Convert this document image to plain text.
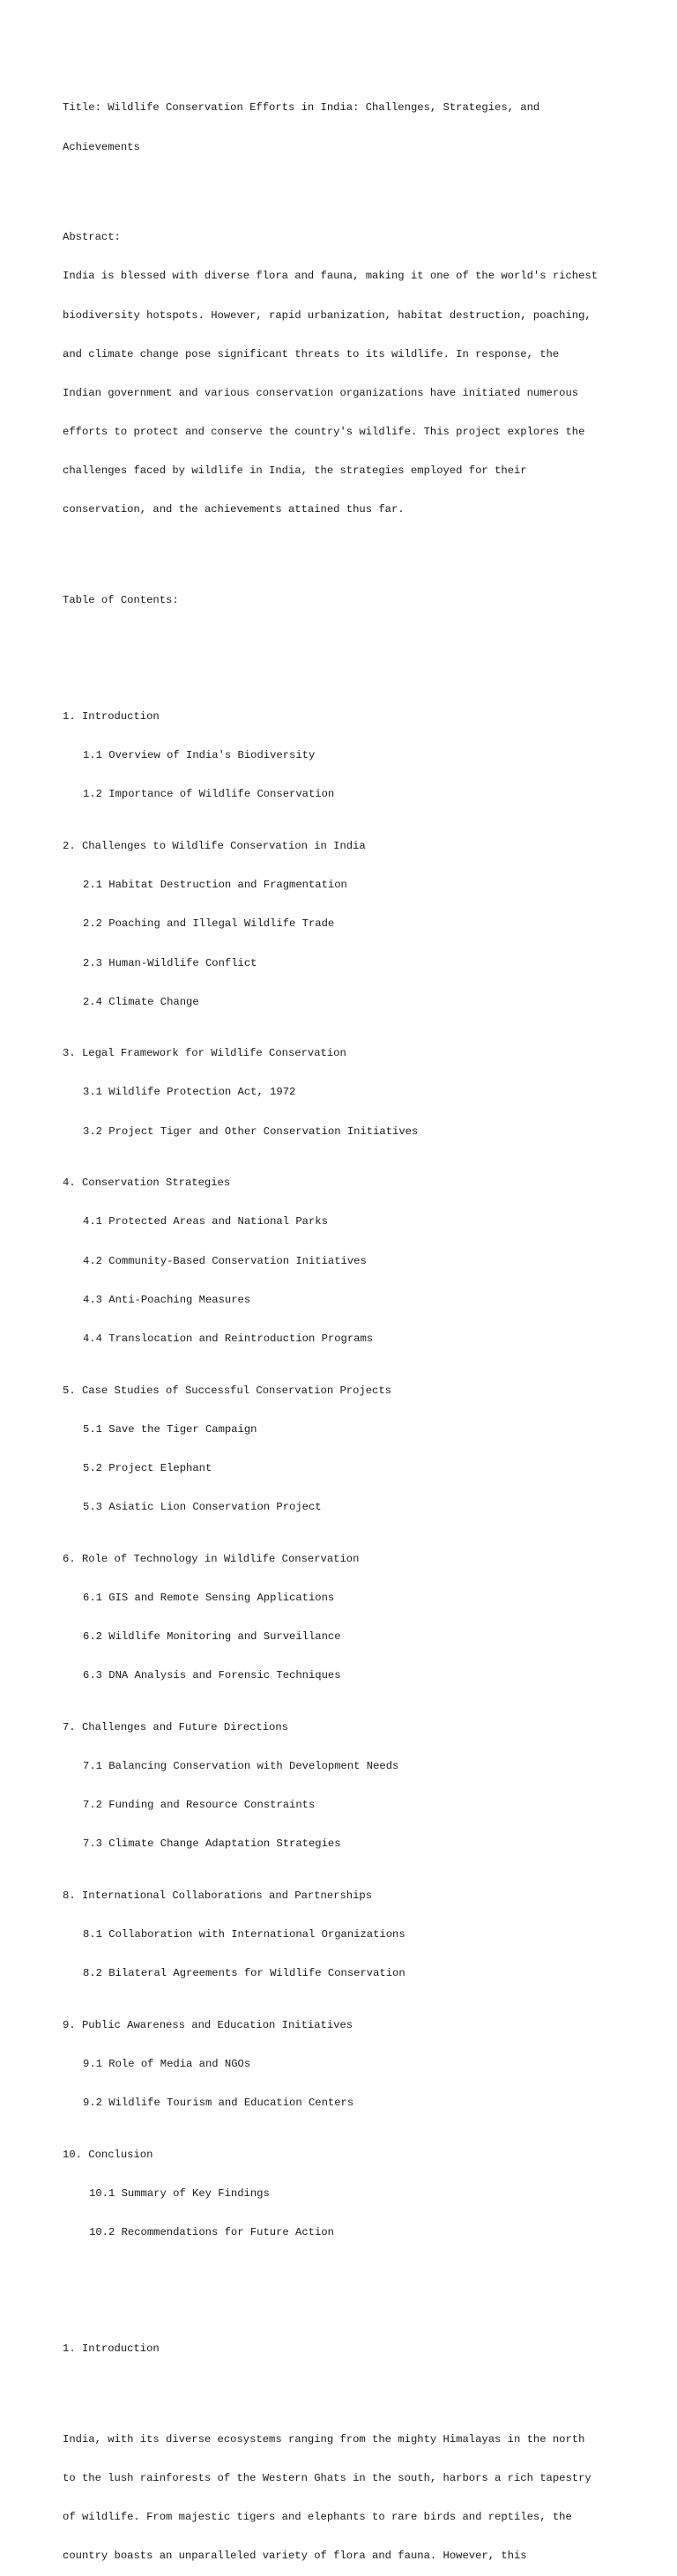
Title: Wildlife Conservation Efforts in India: Challenges, Strategies, and

Achievements

Abstract:

India is blessed with diverse flora and fauna, making it one of the world's richest

biodiversity hotspots. However, rapid urbanization, habitat destruction, poaching,

and climate change pose significant threats to its wildlife. In response, the

Indian government and various conservation organizations have initiated numerous

efforts to protect and conserve the country's wildlife. This project explores the

challenges faced by wildlife in India, the strategies employed for their

conservation, and the achievements attained thus far.

Table of Contents:

1. Introduction

1.1 Overview of India's Biodiversity

1.2 Importance of Wildlife Conservation

2. Challenges to Wildlife Conservation in India

2.1 Habitat Destruction and Fragmentation

2.2 Poaching and Illegal Wildlife Trade

2.3 Human-Wildlife Conflict

2.4 Climate Change

3. Legal Framework for Wildlife Conservation

3.1 Wildlife Protection Act, 1972

3.2 Project Tiger and Other Conservation Initiatives

4. Conservation Strategies

4.1 Protected Areas and National Parks

4.2 Community-Based Conservation Initiatives

4.3 Anti-Poaching Measures

4.4 Translocation and Reintroduction Programs

5. Case Studies of Successful Conservation Projects

5.1 Save the Tiger Campaign

5.2 Project Elephant

5.3 Asiatic Lion Conservation Project

6. Role of Technology in Wildlife Conservation

6.1 GIS and Remote Sensing Applications

6.2 Wildlife Monitoring and Surveillance

6.3 DNA Analysis and Forensic Techniques

7. Challenges and Future Directions

7.1 Balancing Conservation with Development Needs

7.2 Funding and Resource Constraints

7.3 Climate Change Adaptation Strategies

8. International Collaborations and Partnerships

8.1 Collaboration with International Organizations

8.2 Bilateral Agreements for Wildlife Conservation

9. Public Awareness and Education Initiatives

9.1 Role of Media and NGOs

9.2 Wildlife Tourism and Education Centers

10. Conclusion

10.1 Summary of Key Findings

10.2 Recommendations for Future Action

1. Introduction

India, with its diverse ecosystems ranging from the mighty Himalayas in the north

to the lush rainforests of the Western Ghats in the south, harbors a rich tapestry

of wildlife. From majestic tigers and elephants to rare birds and reptiles, the

country boasts an unparalleled variety of flora and fauna. However, this
